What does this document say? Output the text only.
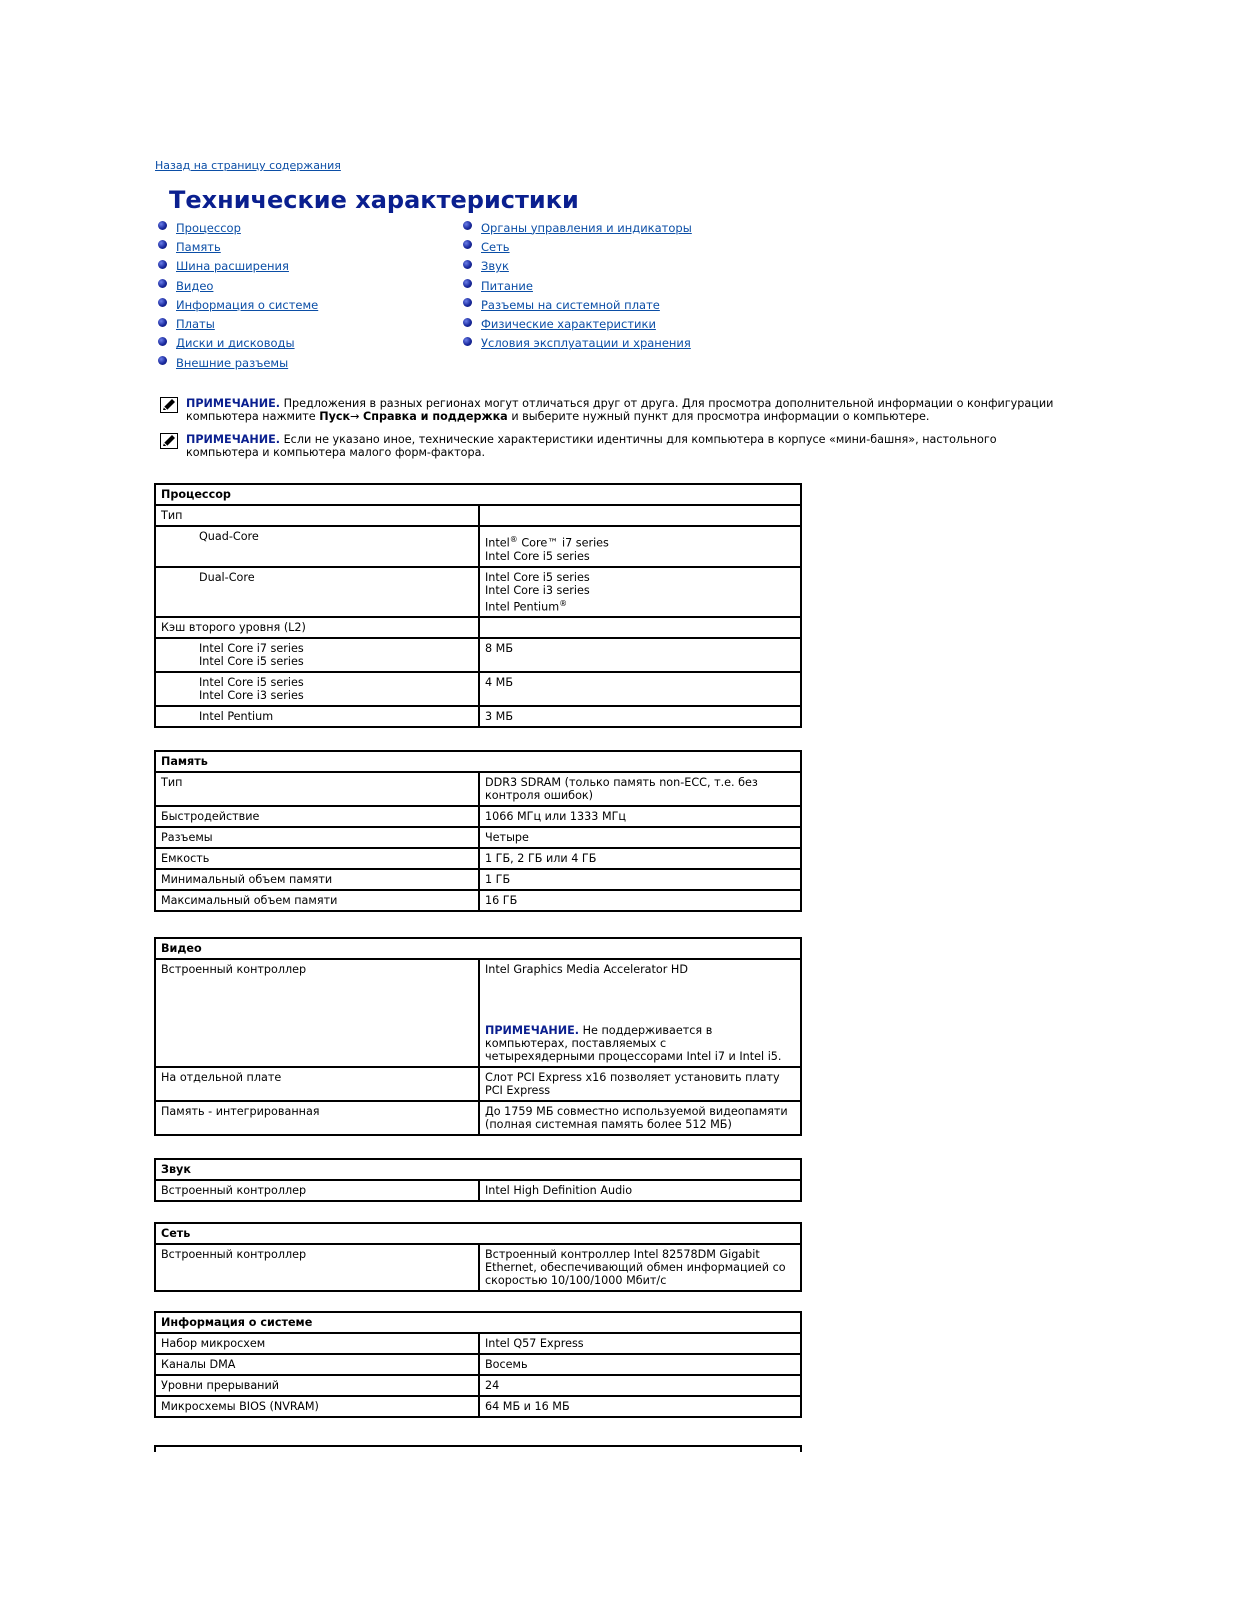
Назад на страницу содержания
Технические характеристики
Процессор
Память
Шина расширения
Видео
Информация о системе
Платы
Диски и дисководы
Внешние разъемы
Органы управления и индикаторы
Сеть
Звук
Питание
Разъемы на системной плате
Физические характеристики
Условия эксплуатации и хранения
ПРИМЕЧАНИЕ. Предложения в разных регионах могут отличаться друг от друга. Для просмотра дополнительной информации о конфигурации компьютера нажмите Пуск→ Справка и поддержка и выберите нужный пункт для просмотра информации о компьютере.
ПРИМЕЧАНИЕ. Если не указано иное, технические характеристики идентичны для компьютера в корпусе «мини-башня», настольного компьютера и компьютера малого форм-фактора.
Процессор	
Тип	

Quad-Core	Intel® Core™ i7 series
Intel Core i5 series

Dual-Core	Intel Core i5 series
Intel Core i3 series
Intel Pentium®

Кэш второго уровня (L2)	

Intel Core i7 series
Intel Core i5 series	8 МБ

Intel Core i5 series
Intel Core i3 series	4 МБ

Intel Pentium	3 МБ
Память	
Тип	DDR3 SDRAM (только память non-ECC, т.е. без контроля ошибок)
Быстродействие	1066 МГц или 1333 МГц
Разъемы	Четыре
Емкость	1 ГБ, 2 ГБ или 4 ГБ
Минимальный объем памяти	1 ГБ
Максимальный объем памяти	16 ГБ
Видео	
Встроенный контроллер	Intel Graphics Media Accelerator HD
ПРИМЕЧАНИЕ. Не поддерживается в компьютерах, поставляемых с
четырехядерными процессорами Intel i7 и Intel i5.

На отдельной плате	Слот PCI Express x16 позволяет установить плату PCI Express
Память - интегрированная	До 1759 МБ совместно используемой видеопамяти (полная системная память более 512 МБ)
Звук
Встроенный контроллер	Intel High Definition Audio
Сеть
Встроенный контроллер	Встроенный контроллер Intel 82578DM Gigabit Ethernet, обеспечивающий обмен информацией со скоростью 10/100/1000 Мбит/с
Информация о системе	
Набор микросхем	Intel Q57 Express
Каналы DMA	Восемь
Уровни прерываний	24
Микросхемы BIOS (NVRAM)	64 МБ и 16 МБ
